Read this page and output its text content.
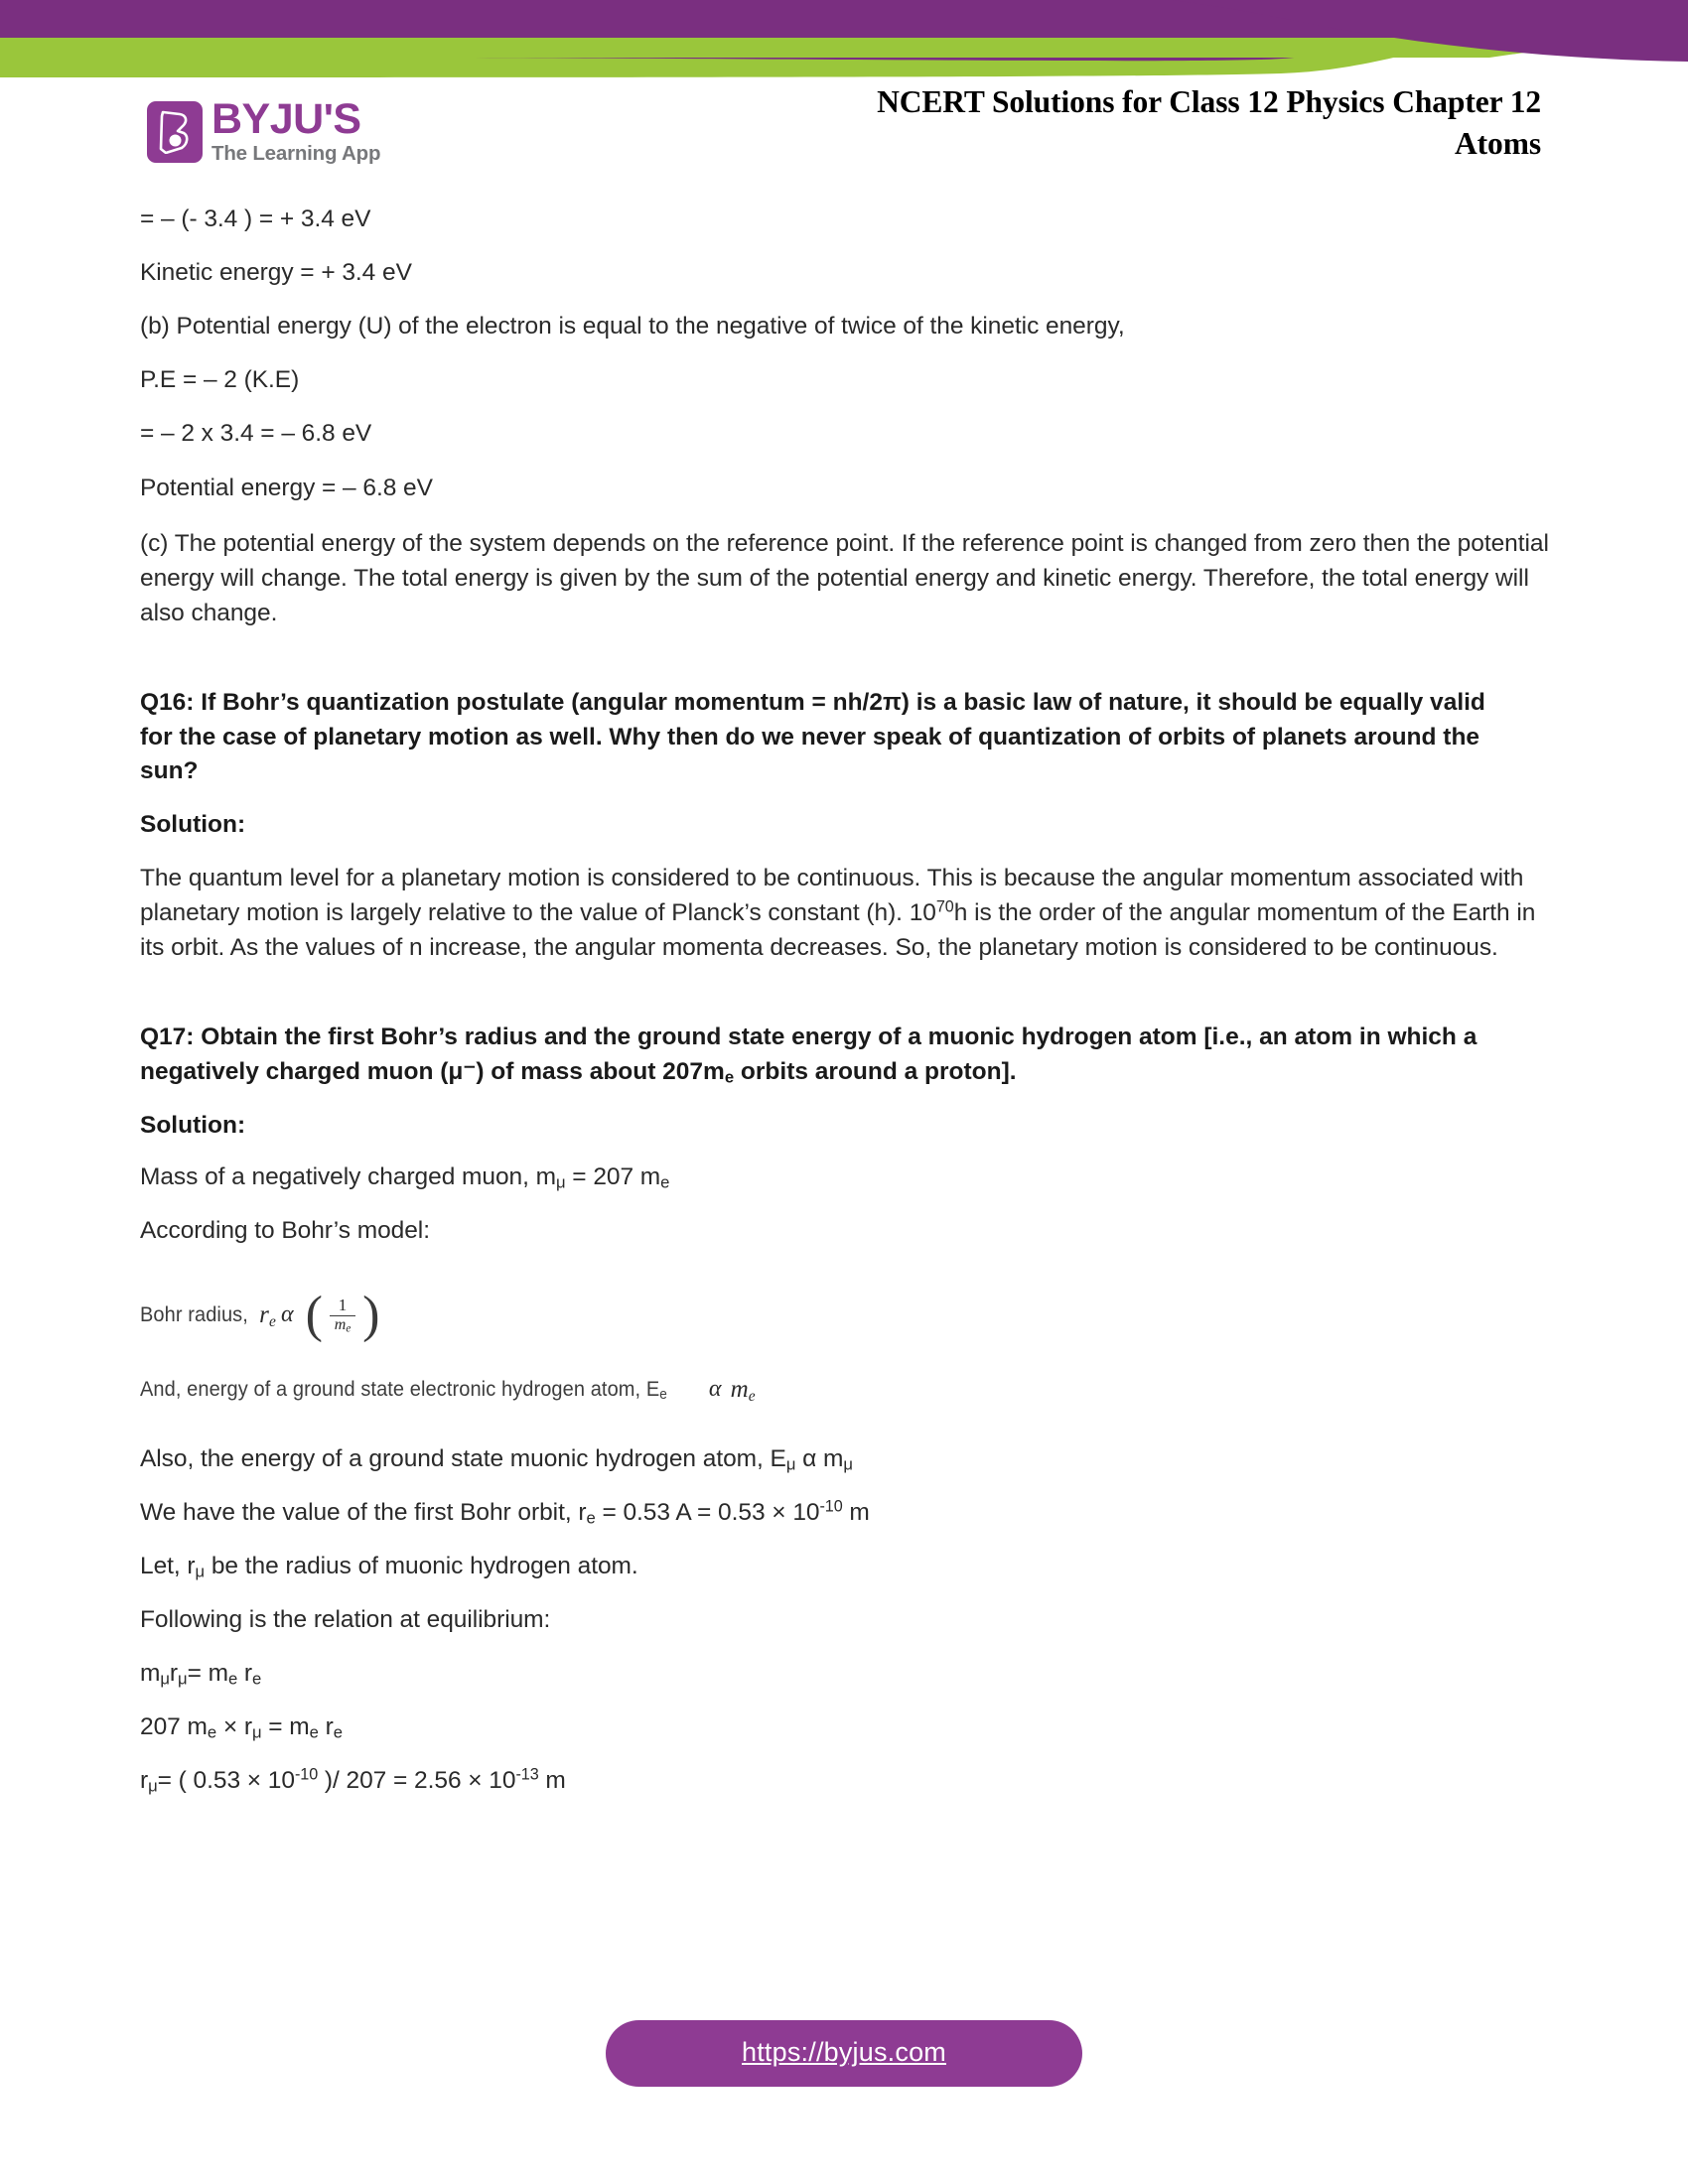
BYJU'S
The Learning App
NCERT Solutions for Class 12 Physics Chapter 12
Atoms

= – (- 3.4 ) = + 3.4 eV

Kinetic energy = + 3.4 eV

(b) Potential energy (U) of the electron is equal to the negative of twice of the kinetic energy,

P.E = – 2 (K.E)

= – 2 x 3.4 = – 6.8 eV

Potential energy = – 6.8 eV

(c) The potential energy of the system depends on the reference point. If the reference point is changed from zero then the potential energy will change. The total energy is given by the sum of the potential energy and kinetic energy. Therefore, the total energy will also change.

Q16: If Bohr’s quantization postulate (angular momentum = nh/2π) is a basic law of nature, it should be equally valid for the case of planetary motion as well. Why then do we never speak of quantization of orbits of planets around the sun?

Solution:

The quantum level for a planetary motion is considered to be continuous. This is because the angular momentum associated with planetary motion is largely relative to the value of Planck’s constant (h). $10^{70}h$ is the order of the angular momentum of the Earth in its orbit. As the values of n increase, the angular momenta decreases. So, the planetary motion is considered to be continuous.

Q17: Obtain the first Bohr’s radius and the ground state energy of a muonic hydrogen atom [i.e., an atom in which a negatively charged muon (μ⁻) of mass about $207m_e$ orbits around a proton].

Solution:

Mass of a negatively charged muon, $m_\mu = 207$ $m_e$

According to Bohr’s model:

Bohr radius, $r_e$ α ( $\frac{1}{m_e}$ )
And, energy of a ground state electronic hydrogen atom, $E_e$ α $m_e$

Also, the energy of a ground state muonic hydrogen atom, $E_\mu$ α $m_\mu$

We have the value of the first Bohr orbit, $r_e = 0.53$ $A = 0.53 \times 10^{-10}$ m

Let, $r_\mu$ be the radius of muonic hydrogen atom.

Following is the relation at equilibrium:

$m_\mu r_\mu= m_e$ $r_e$

207 $m_e \times r_\mu = m_e$ $r_e$

$r_\mu=$ ( $0.53 \times 10^{-10}$ )/ $207 = 2.56 \times 10^{-13}$ m

https://byjus.com
